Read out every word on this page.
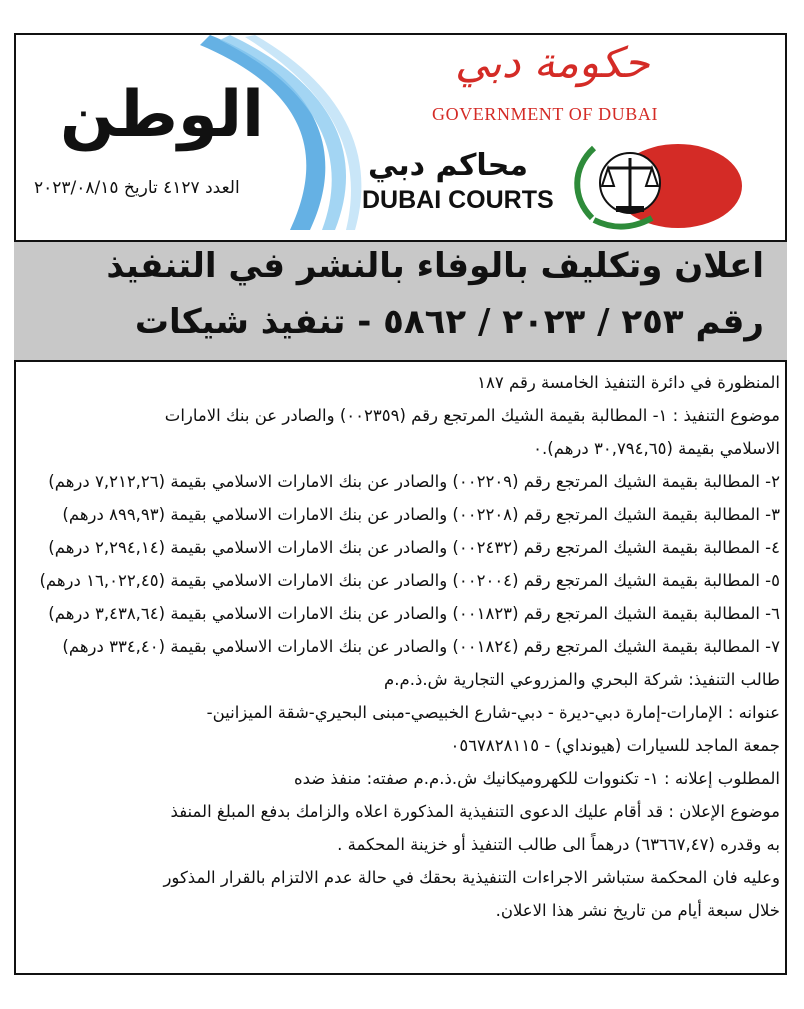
الوطن
العدد ٤١٢٧ تاريخ ٢٠٢٣/٠٨/١٥
حكومة دبي
GOVERNMENT OF DUBAI
محاكم دبي
DUBAI COURTS
اعلان وتكليف بالوفاء بالنشر في التنفيذ
رقم ٢٥٣ / ٢٠٢٣ / ٥٨٦٢ - تنفيذ شيكات
المنظورة في دائرة التنفيذ الخامسة رقم ١٨٧
موضوع التنفيذ : ١- المطالبة بقيمة الشيك المرتجع رقم (٠٠٢٣٥٩) والصادر عن بنك الامارات
الاسلامي بقيمة (٣٠,٧٩٤,٦٥ درهم).٠
٢- المطالبة بقيمة الشيك المرتجع رقم (٠٠٢٢٠٩) والصادر عن بنك الامارات الاسلامي بقيمة (٧,٢١٢,٢٦ درهم)
٣- المطالبة بقيمة الشيك المرتجع رقم (٠٠٢٢٠٨) والصادر عن بنك الامارات الاسلامي بقيمة (٨٩٩,٩٣ درهم)
٤- المطالبة بقيمة الشيك المرتجع رقم (٠٠٢٤٣٢) والصادر عن بنك الامارات الاسلامي بقيمة (٢,٢٩٤,١٤ درهم)
٥- المطالبة بقيمة الشيك المرتجع رقم (٠٠٢٠٠٤) والصادر عن بنك الامارات الاسلامي بقيمة (١٦,٠٢٢,٤٥ درهم)
٦- المطالبة بقيمة الشيك المرتجع رقم (٠٠١٨٢٣) والصادر عن بنك الامارات الاسلامي بقيمة (٣,٤٣٨,٦٤ درهم)
٧- المطالبة بقيمة الشيك المرتجع رقم (٠٠١٨٢٤) والصادر عن بنك الامارات الاسلامي بقيمة (٣٣٤,٤٠ درهم)
طالب التنفيذ: شركة البحري والمزروعي التجارية ش.ذ.م.م
عنوانه : الإمارات-إمارة دبي-ديرة - دبي-شارع الخبيصي-مبنى البحيري-شقة الميزانين-
جمعة الماجد للسيارات (هيونداي) - ٠٥٦٧٨٢٨١١٥
المطلوب إعلانه : ١- تكنووات للكهروميكانيك ش.ذ.م.م صفته: منفذ ضده
موضوع الإعلان : قد أقام عليك الدعوى التنفيذية المذكورة اعلاه والزامك بدفع المبلغ المنفذ
به وقدره (٦٣٦٦٧,٤٧) درهماً الى طالب التنفيذ أو خزينة المحكمة .
وعليه فان المحكمة ستباشر الاجراءات التنفيذية بحقك في حالة عدم الالتزام بالقرار المذكور
خلال سبعة أيام من تاريخ نشر هذا الاعلان.
